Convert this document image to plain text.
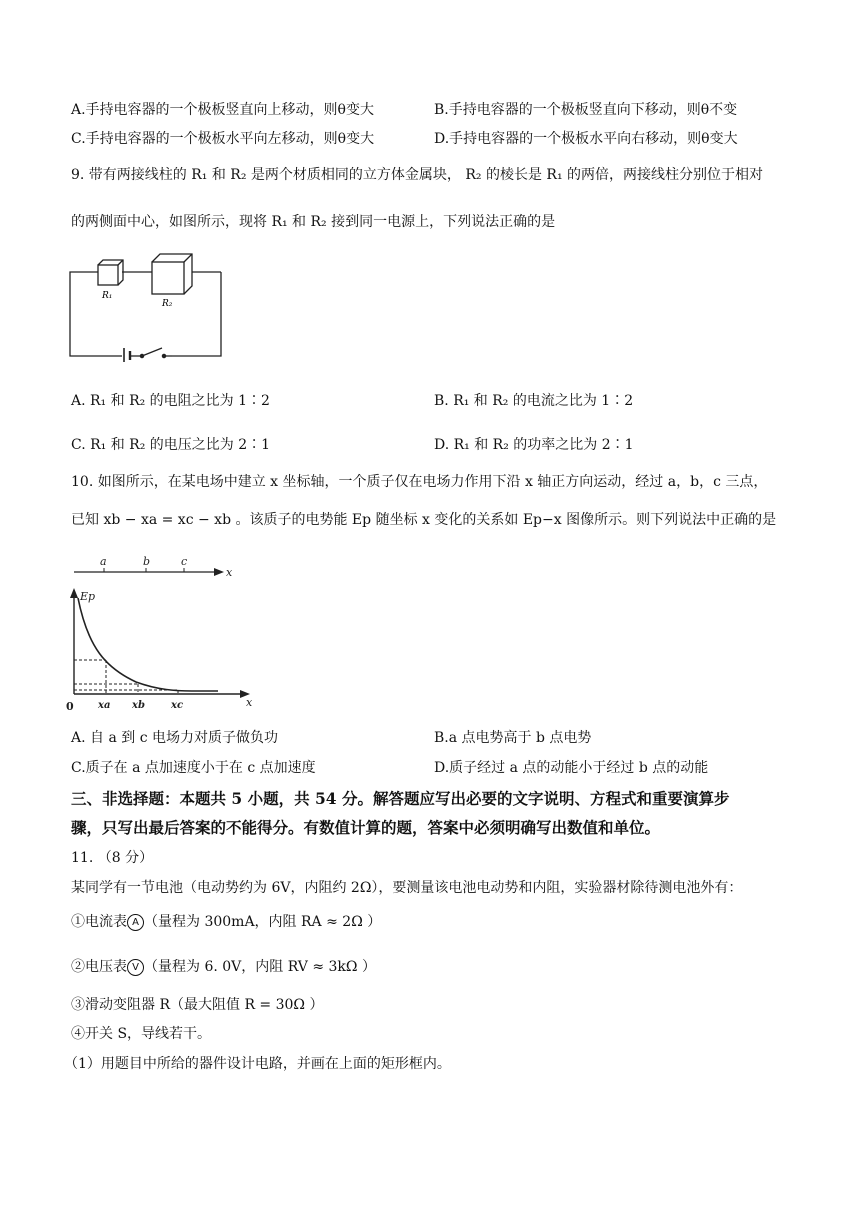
A.手持电容器的一个极板竖直向上移动，则θ变大	B.手持电容器的一个极板竖直向下移动，则θ不变
C.手持电容器的一个极板水平向左移动，则θ变大	D.手持电容器的一个极板水平向右移动，则θ变大
9. 带有两接线柱的 R₁ 和 R₂ 是两个材质相同的立方体金属块， R₂ 的棱长是 R₁ 的两倍，两接线柱分别位于相对
的两侧面中心，如图所示，现将 R₁ 和 R₂ 接到同一电源上，下列说法正确的是
R₁
R₂
A. R₁ 和 R₂ 的电阻之比为 1∶2	B. R₁ 和 R₂ 的电流之比为 1∶2
C. R₁ 和 R₂ 的电压之比为 2∶1	D. R₁ 和 R₂ 的功率之比为 2∶1
10. 如图所示，在某电场中建立 x 坐标轴，一个质子仅在电场力作用下沿 x 轴正方向运动，经过 a，b，c 三点，
已知 xb − xa = xc − xb 。该质子的电势能 Ep 随坐标 x 变化的关系如 Ep−x 图像所示。则下列说法中正确的是
a	b	c
x
Ep
x
0 xa xb	xc
A. 自 a 到 c 电场力对质子做负功	B.a 点电势高于 b 点电势
C.质子在 a 点加速度小于在 c 点加速度	D.质子经过 a 点的动能小于经过 b 点的动能
三、非选择题：本题共 5 小题，共 54 分。解答题应写出必要的文字说明、方程式和重要演算步
骤，只写出最后答案的不能得分。有数值计算的题，答案中必须明确写出数值和单位。
11. （8 分）
某同学有一节电池（电动势约为 6V，内阻约 2Ω），要测量该电池电动势和内阻，实验器材除待测电池外有：
①电流表 A （量程为 300mA，内阻 RA ≈ 2Ω ）
②电压表 V （量程为 6. 0V，内阻 RV ≈ 3kΩ ）
③滑动变阻器 R（最大阻值 R = 30Ω ）
④开关 S，导线若干。
（1）用题目中所给的器件设计电路，并画在上面的矩形框内。
